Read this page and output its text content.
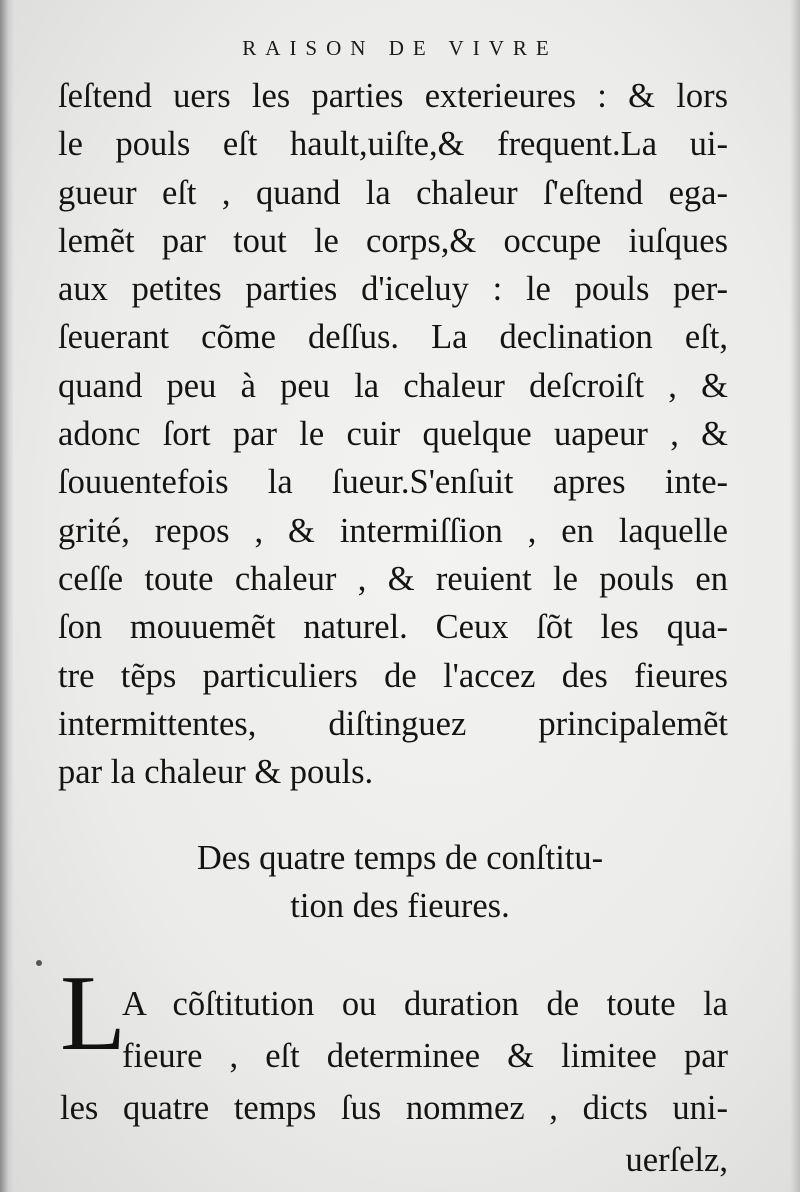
RAISON DE VIVRE
ſeſtend uers les parties exterieures : & lors
le pouls eſt hault,uiſte,& frequent.La ui-
gueur eſt , quand la chaleur ſ'eſtend ega-
lemẽt par tout le corps,& occupe iuſques
aux petites parties d'iceluy : le pouls per-
ſeuerant cõme deſſus. La declination eſt,
quand peu à peu la chaleur deſcroiſt , &
adonc ſort par le cuir quelque uapeur , &
ſouuentefois la ſueur.S'enſuit apres inte-
grité, repos , & intermiſſion , en laquelle
ceſſe toute chaleur , & reuient le pouls en
ſon mouuemẽt naturel. Ceux ſõt les qua-
tre tẽps particuliers de l'accez des fieures
intermittentes, diſtinguez principalemẽt
par la chaleur & pouls.
Des quatre temps de conſtitu-
tion des fieures.
L
A cõſtitution ou duration de toute la
fieure , eſt determinee & limitee par
les quatre temps ſus nommez , dicts uni-
uerſelz,
